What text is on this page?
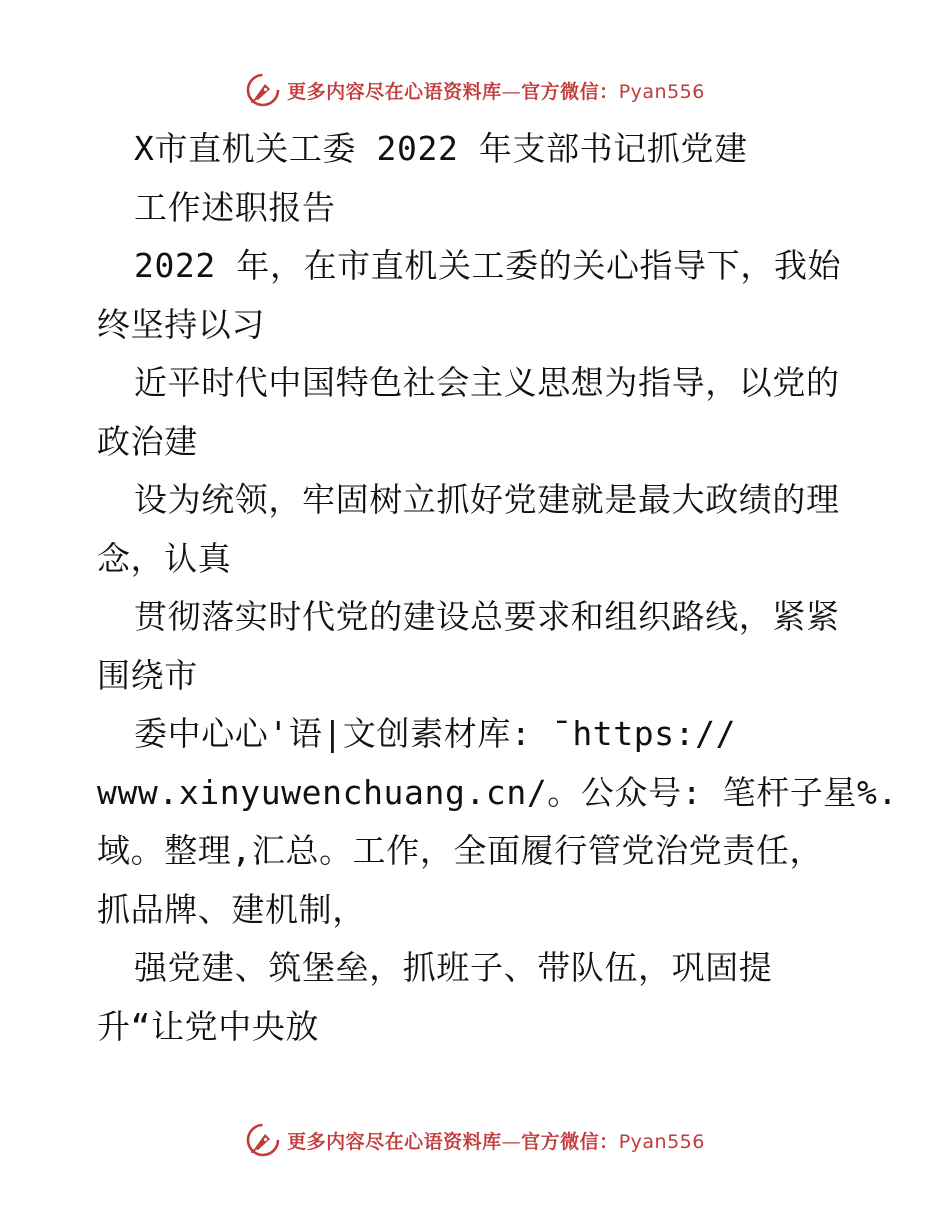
更多内容尽在心语资料库—官方微信：Pyan556
X市直机关工委 2022 年支部书记抓党建
工作述职报告
2022 年，在市直机关工委的关心指导下，我始
终坚持以习
近平时代中国特色社会主义思想为指导，以党的
政治建
设为统领，牢固树立抓好党建就是最大政绩的理
念，认真
贯彻落实时代党的建设总要求和组织路线，紧紧
围绕市
委中心心'语|文创素材库: ¯https://
www.xinyuwenchuang.cn/。公众号: 笔杆子星%.
域。整理,汇总。工作，全面履行管党治党责任，
抓品牌、建机制，
强党建、筑堡垒，抓班子、带队伍，巩固提
升“让党中央放
更多内容尽在心语资料库—官方微信：Pyan556
